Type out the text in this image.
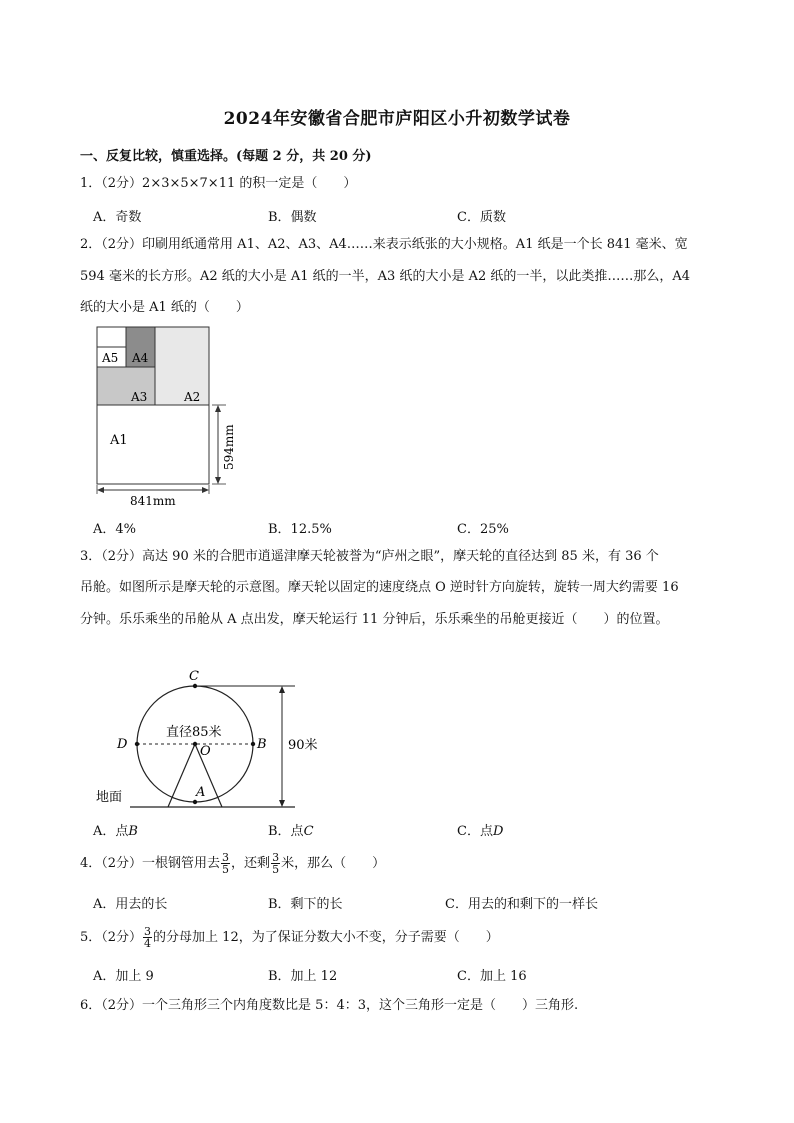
2024年安徽省合肥市庐阳区小升初数学试卷
一、反复比较，慎重选择。(每题 2 分，共 20 分)
1．（2分）2×3×5×7×11 的积一定是（　　）
A．奇数	B．偶数	C．质数
2．（2分）印刷用纸通常用 A1、A2、A3、A4……来表示纸张的大小规格。A1 纸是一个长 841 毫米、宽
594 毫米的长方形。A2 纸的大小是 A1 纸的一半，A3 纸的大小是 A2 纸的一半，以此类推……那么，A4
纸的大小是 A1 纸的（　　）
A5 A4
A3	A2
A1	594mm
841mm
A．4%	B．12.5%	C．25%
3．（2分）高达 90 米的合肥市逍遥津摩天轮被誉为“庐州之眼”，摩天轮的直径达到 85 米，有 36 个
吊舱。如图所示是摩天轮的示意图。摩天轮以固定的速度绕点 O 逆时针方向旋转，旋转一周大约需要 16
分钟。乐乐乘坐的吊舱从 A 点出发，摩天轮运行 11 分钟后，乐乐乘坐的吊舱更接近（　　）的位置。
C
D	B
O
A
直径85米
90米
地面
A．点B	B．点C	C．点D
4．（2分）一根钢管用去 $\frac{3}{5}$ ，还剩 $\frac{3}{5}$ 米，那么（　　）
A．用去的长	B．剩下的长	C．用去的和剩下的一样长
5．（2分） $\frac{3}{4}$ 的分母加上 12，为了保证分数大小不变，分子需要（　　）
A．加上 9	B．加上 12	C．加上 16
6．（2分）一个三角形三个内角度数比是 5：4：3，这个三角形一定是（　　）三角形.
